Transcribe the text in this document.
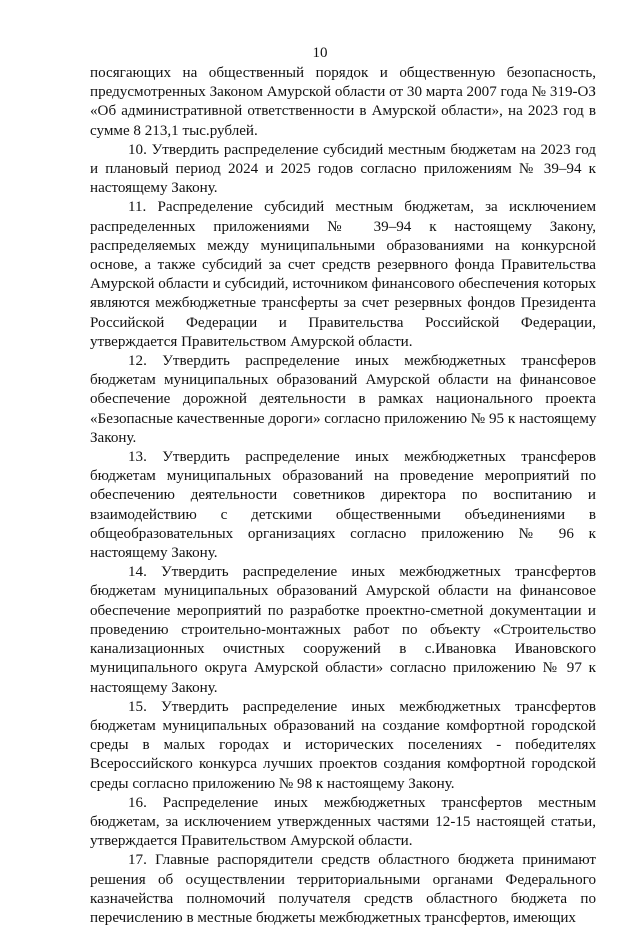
10

посягающих на общественный порядок и общественную безопасность,
предусмотренных Законом Амурской области от 30 марта 2007 года № 319-ОЗ
«Об административной ответственности в Амурской области», на 2023 год в
сумме 8 213,1 тыс.рублей.

10. Утвердить распределение субсидий местным бюджетам на 2023 год
и плановый период 2024 и 2025 годов согласно приложениям № 39–94 к
настоящему Закону.

11. Распределение субсидий местным бюджетам, за исключением
распределенных приложениями № 39–94 к настоящему Закону,
распределяемых между муниципальными образованиями на конкурсной
основе, а также субсидий за счет средств резервного фонда Правительства
Амурской области и субсидий, источником финансового обеспечения которых
являются межбюджетные трансферты за счет резервных фондов Президента
Российской Федерации и Правительства Российской Федерации,
утверждается Правительством Амурской области.

12. Утвердить распределение иных межбюджетных трансферов
бюджетам муниципальных образований Амурской области на финансовое
обеспечение дорожной деятельности в рамках национального проекта
«Безопасные качественные дороги» согласно приложению № 95 к настоящему
Закону.

13. Утвердить распределение иных межбюджетных трансферов
бюджетам муниципальных образований на проведение мероприятий по
обеспечению деятельности советников директора по воспитанию и
взаимодействию с детскими общественными объединениями в
общеобразовательных организациях согласно приложению № 96 к
настоящему Закону.

14. Утвердить распределение иных межбюджетных трансфертов
бюджетам муниципальных образований Амурской области на финансовое
обеспечение мероприятий по разработке проектно-сметной документации и
проведению строительно-монтажных работ по объекту «Строительство
канализационных очистных сооружений в с.Ивановка Ивановского
муниципального округа Амурской области» согласно приложению № 97 к
настоящему Закону.

15. Утвердить распределение иных межбюджетных трансфертов
бюджетам муниципальных образований на создание комфортной городской
среды в малых городах и исторических поселениях - победителях
Всероссийского конкурса лучших проектов создания комфортной городской
среды согласно приложению № 98 к настоящему Закону.

16. Распределение иных межбюджетных трансфертов местным
бюджетам, за исключением утвержденных частями 12-15 настоящей статьи,
утверждается Правительством Амурской области.

17. Главные распорядители средств областного бюджета принимают
решения об осуществлении территориальными органами Федерального
казначейства полномочий получателя средств областного бюджета по
перечислению в местные бюджеты межбюджетных трансфертов, имеющих
